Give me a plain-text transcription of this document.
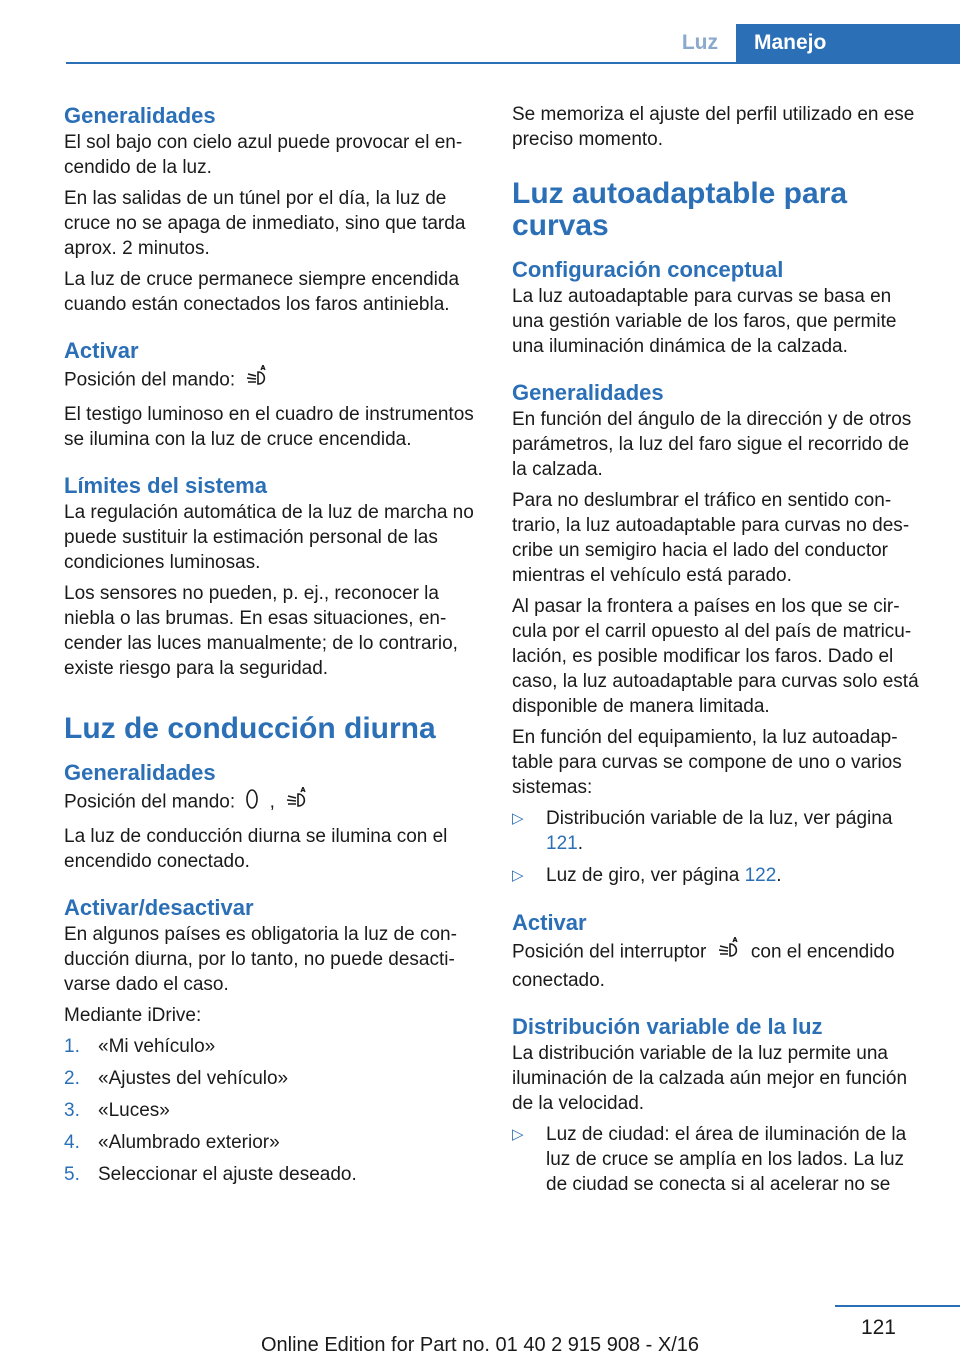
Luz	Manejo
Generalidades

El sol bajo con cielo azul puede provocar el encendido de la luz.

En las salidas de un túnel por el día, la luz de cruce no se apaga de inmediato, sino que tarda aprox. 2 minutos.

La luz de cruce permanece siempre encendida cuando están conectados los faros antiniebla.

Activar

Posición del mando:

El testigo luminoso en el cuadro de instrumentos se ilumina con la luz de cruce encendida.

Límites del sistema

La regulación automática de la luz de marcha no puede sustituir la estimación personal de las condiciones luminosas.

Los sensores no pueden, p. ej., reconocer la niebla o las brumas. En esas situaciones, encender las luces manualmente; de lo contrario, existe riesgo para la seguridad.

Luz de conducción diurna
Generalidades

Posición del mando: ,

La luz de conducción diurna se ilumina con el encendido conectado.

Activar/desactivar

En algunos países es obligatoria la luz de conducción diurna, por lo tanto, no puede desactivarse dado el caso.

Mediante iDrive:

1. «Mi vehículo»
2. «Ajustes del vehículo»
3. «Luces»
4. «Alumbrado exterior»
5. Seleccionar el ajuste deseado.

Se memoriza el ajuste del perfil utilizado en ese preciso momento.

Luz autoadaptable para curvas
Configuración conceptual

La luz autoadaptable para curvas se basa en una gestión variable de los faros, que permite una iluminación dinámica de la calzada.

Generalidades

En función del ángulo de la dirección y de otros parámetros, la luz del faro sigue el recorrido de la calzada.

Para no deslumbrar el tráfico en sentido contrario, la luz autoadaptable para curvas no describe un semigiro hacia el lado del conductor mientras el vehículo está parado.

Al pasar la frontera a países en los que se circula por el carril opuesto al del país de matriculación, es posible modificar los faros. Dado el caso, la luz autoadaptable para curvas solo está disponible de manera limitada.

En función del equipamiento, la luz autoadaptable para curvas se compone de uno o varios sistemas:

▷ Distribución variable de la luz, ver página 121.
▷ Luz de giro, ver página 122.
Activar

Posición del interruptor con el encendido conectado.

Distribución variable de la luz

La distribución variable de la luz permite una iluminación de la calzada aún mejor en función de la velocidad.

▷ Luz de ciudad: el área de iluminación de la luz de cruce se amplía en los lados. La luz de ciudad se conecta si al acelerar no se
121
Online Edition for Part no. 01 40 2 915 908 - X/16
